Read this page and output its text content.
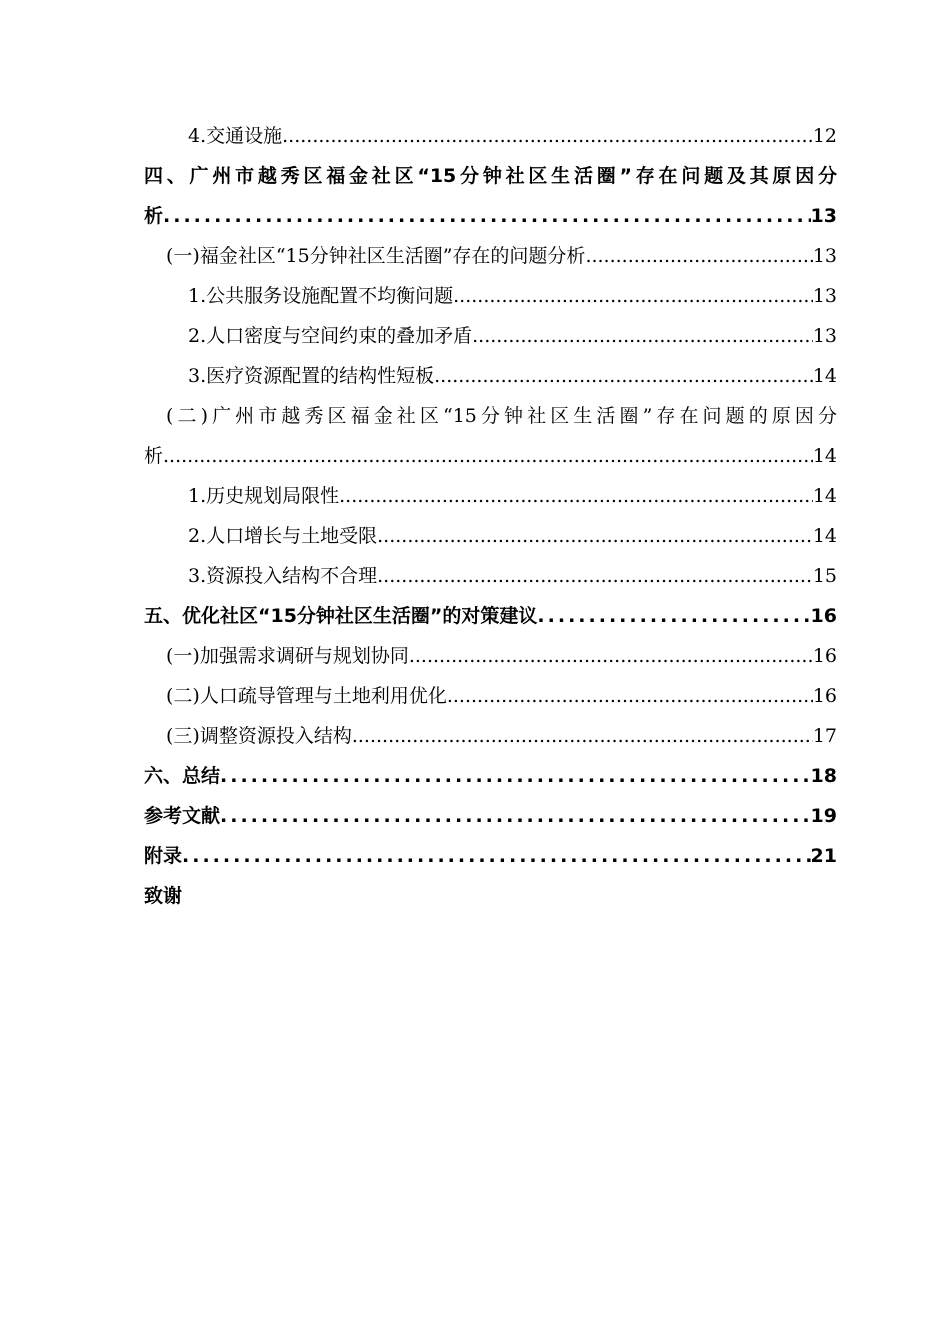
4.交通设施 .....	12
四、广州市越秀区福金社区“15分钟社区生活圈”存在问题及其原因分
析 .....	13
(一)福金社区“15分钟社区生活圈”存在的问题分析 .....	13
1.公共服务设施配置不均衡问题 .....	13
2.人口密度与空间约束的叠加矛盾 .....	13
3.医疗资源配置的结构性短板 .....	14
(二)广州市越秀区福金社区“15分钟社区生活圈”存在问题的原因分
析 .....	14
1.历史规划局限性 .....	14
2.人口增长与土地受限 .....	14
3.资源投入结构不合理 .....	15
五、优化社区“15分钟社区生活圈”的对策建议 .....	16
(一)加强需求调研与规划协同 .....	16
(二)人口疏导管理与土地利用优化 .....	16
(三)调整资源投入结构 .....	17
六、总结 .....	18
参考文献 .....	19
附录 .....	21
致谢
